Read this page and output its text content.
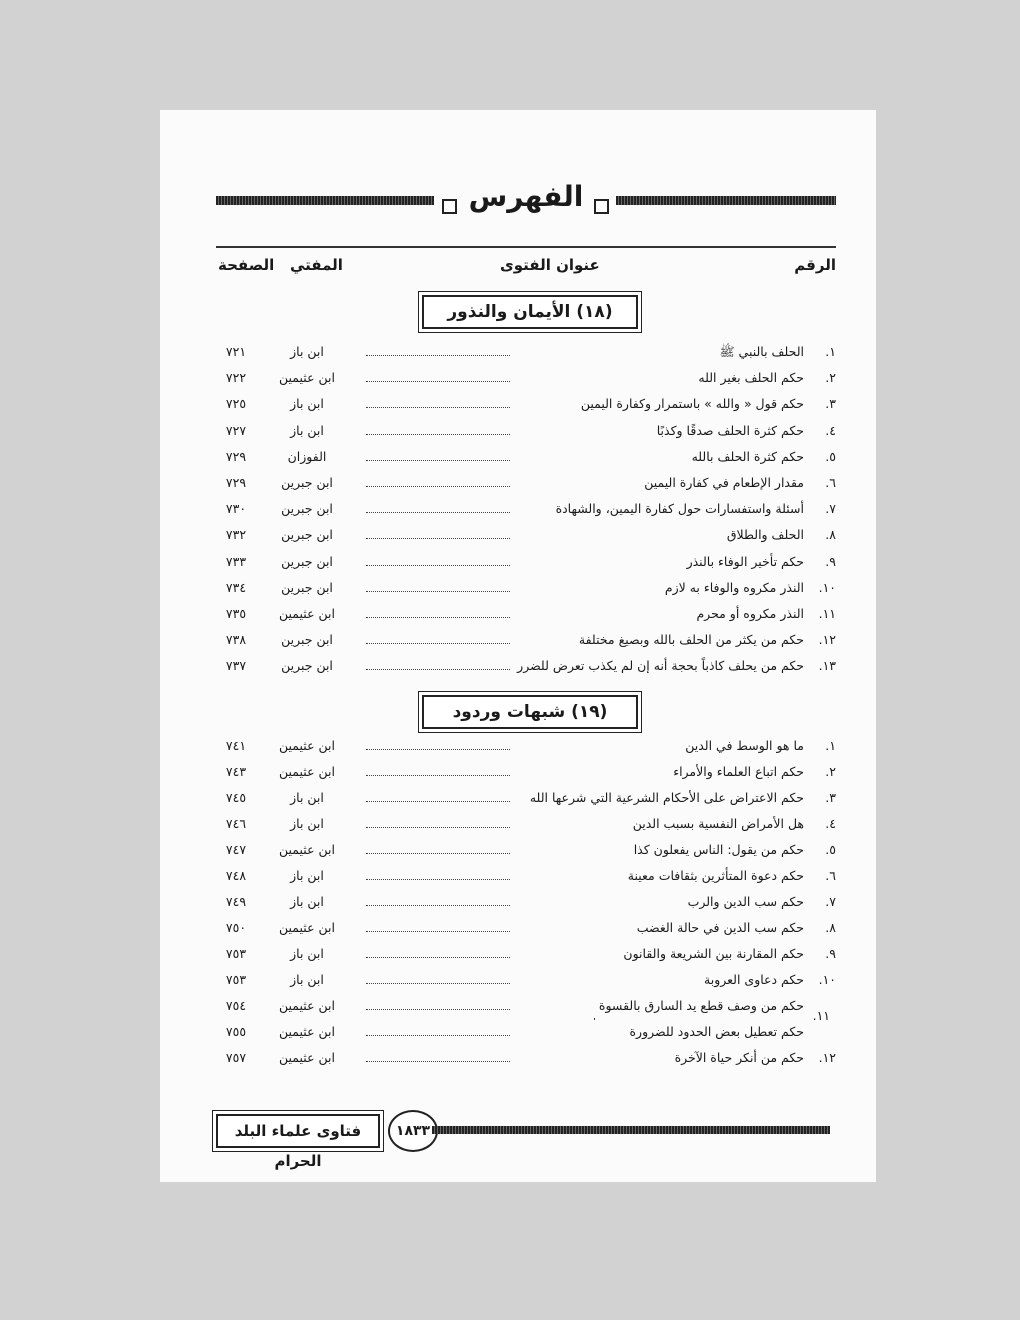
الفهرس
الرقم
عنوان الفتوى
المفتي
الصفحة
(١٨) الأيمان والنذور
١.
الحلف بالنبي ﷺ
ابن باز
٧٢١
٢.
حكم الحلف بغير الله
ابن عثيمين
٧٢٢
٣.
حكم قول « والله » باستمرار وكفارة اليمين
ابن باز
٧٢٥
٤.
حكم كثرة الحلف صدقًا وكذبًا
ابن باز
٧٢٧
٥.
حكم كثرة الحلف بالله
الفوزان
٧٢٩
٦.
مقدار الإطعام في كفارة اليمين
ابن جبرين
٧٢٩
٧.
أسئلة واستفسارات حول كفارة اليمين، والشهادة
ابن جبرين
٧٣٠
٨.
الحلف والطلاق
ابن جبرين
٧٣٢
٩.
حكم تأخير الوفاء بالنذر
ابن جبرين
٧٣٣
١٠.
النذر مكروه والوفاء به لازم
ابن جبرين
٧٣٤
١١.
النذر مكروه أو محرم
ابن عثيمين
٧٣٥
١٢.
حكم من يكثر من الحلف بالله وبصيغ مختلفة
ابن جبرين
٧٣٨
١٣.
حكم من يحلف كاذباً بحجة أنه إن لم يكذب تعرض للضرر
ابن جبرين
٧٣٧
(١٩) شبهات وردود
١.
ما هو الوسط في الدين
ابن عثيمين
٧٤١
٢.
حكم اتباع العلماء والأمراء
ابن عثيمين
٧٤٣
٣.
حكم الاعتراض على الأحكام الشرعية التي شرعها الله
ابن باز
٧٤٥
٤.
هل الأمراض النفسية بسبب الدين
ابن باز
٧٤٦
٥.
حكم من يقول: الناس يفعلون كذا
ابن عثيمين
٧٤٧
٦.
حكم دعوة المتأثرين بثقافات معينة
ابن باز
٧٤٨
٧.
حكم سب الدين والرب
ابن باز
٧٤٩
٨.
حكم سب الدين في حالة الغضب
ابن عثيمين
٧٥٠
٩.
حكم المقارنة بين الشريعة والقانون
ابن باز
٧٥٣
١٠.
حكم دعاوى العروبة
ابن باز
٧٥٣
حكم من وصف قطع يد السارق بالقسوة
ابن عثيمين
٧٥٤
حكم تعطيل بعض الحدود للضرورة
ابن عثيمين
٧٥٥
١٢.
حكم من أنكر حياة الآخرة
ابن عثيمين
٧٥٧
١١.
فتاوى علماء البلد الحرام
١٨٣٣
